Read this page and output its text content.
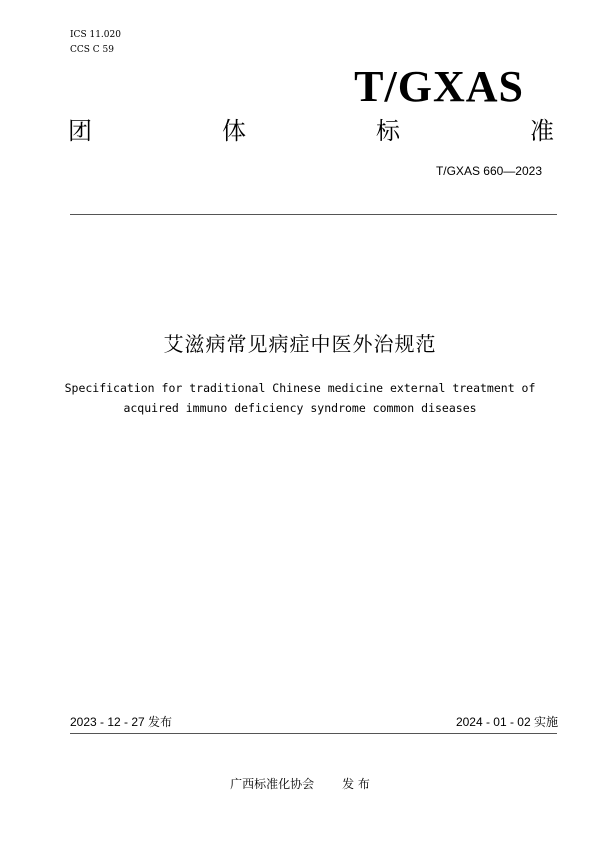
ICS 11.020
CCS C 59
T/GXAS
团	体	标	准
T/GXAS 660—2023
艾滋病常见病症中医外治规范
Specification for traditional Chinese medicine external treatment of
acquired immuno deficiency syndrome common diseases
2023 - 12 - 27 发布	2024 - 01 - 02 实施
广西标准化协会 发 布
